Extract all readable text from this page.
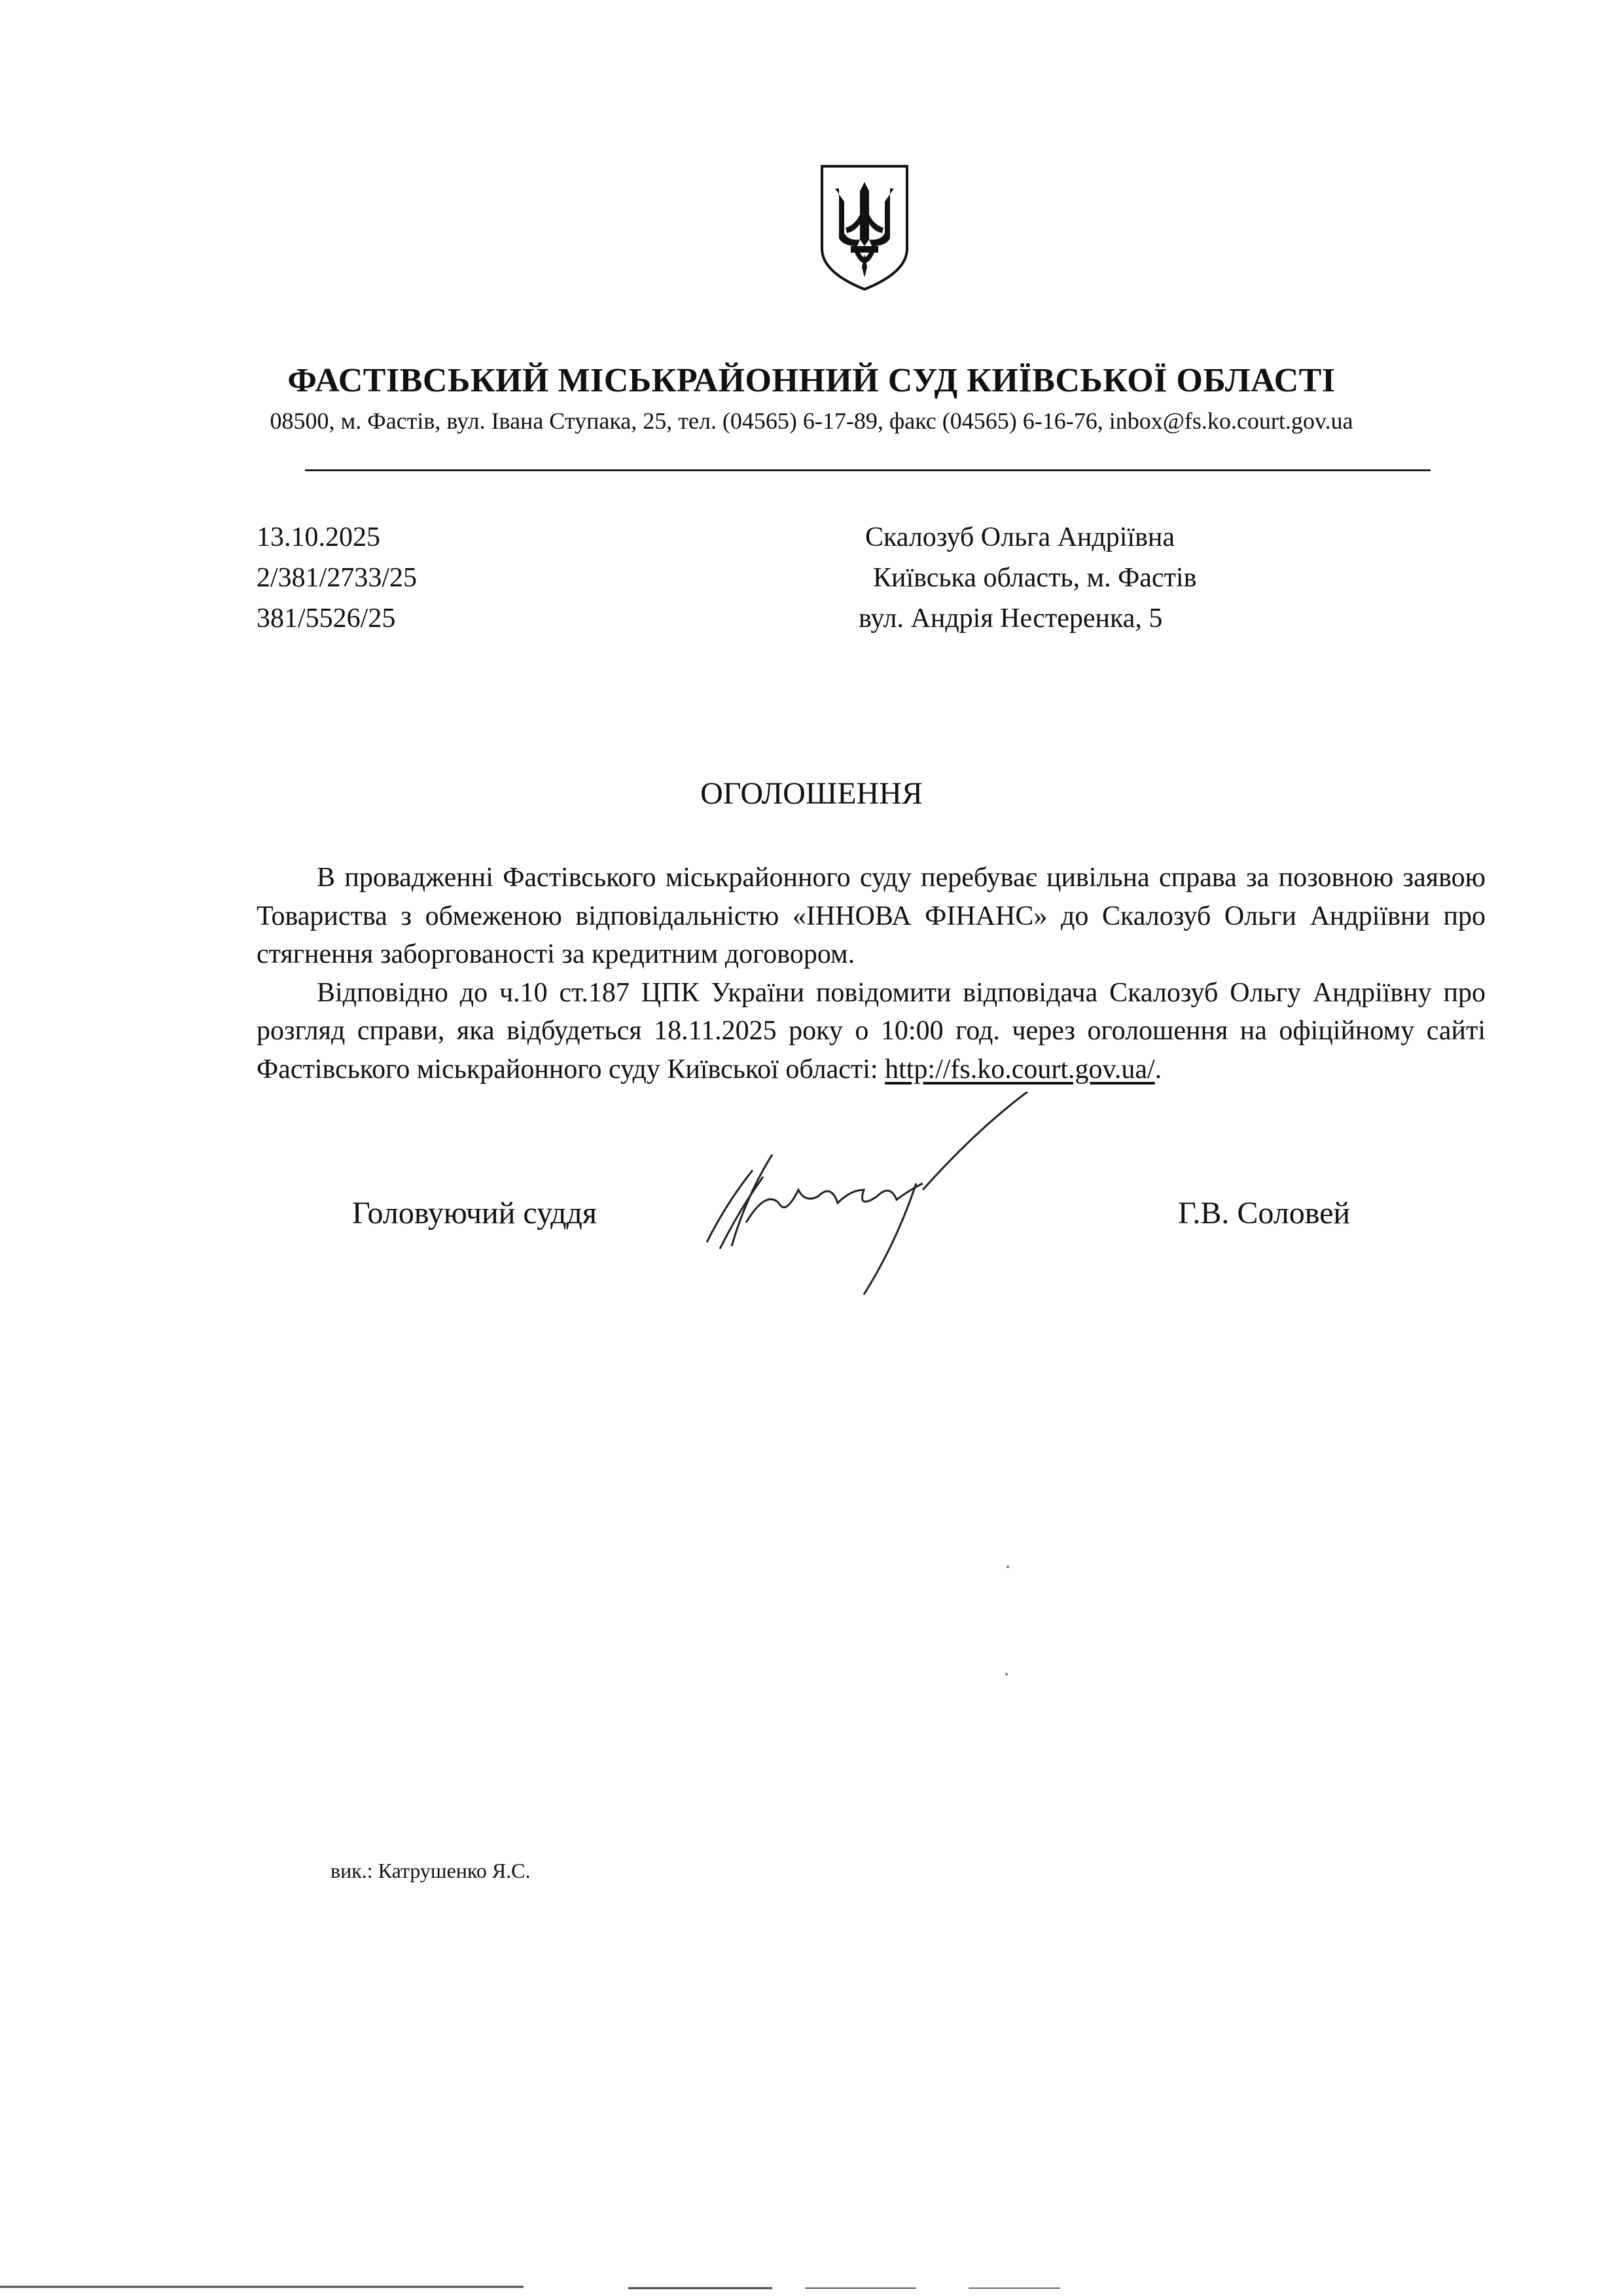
ФАСТІВСЬКИЙ МІСЬКРАЙОННИЙ СУД КИЇВСЬКОЇ ОБЛАСТІ
08500, м. Фастів, вул. Івана Ступака, 25, тел. (04565) 6-17-89, факс (04565) 6-16-76, inbox@fs.ko.court.gov.ua
13.10.2025
2/381/2733/25
381/5526/25
Скалозуб Ольга Андріївна
Київська область, м. Фастів
вул. Андрія Нестеренка, 5
ОГОЛОШЕННЯ

В провадженні Фастівського міськрайонного суду перебуває цивільна справа за позовною заявою Товариства з обмеженою відповідальністю «ІННОВА ФІНАНС» до Скалозуб Ольги Андріївни про стягнення заборгованості за кредитним договором.

Відповідно до ч.10 ст.187 ЦПК України повідомити відповідача Скалозуб Ольгу Андріївну про розгляд справи, яка відбудеться 18.11.2025 року о 10:00 год. через оголошення на офіційному сайті Фастівського міськрайонного суду Київської області: http://fs.ko.court.gov.ua/.

Головуючий суддя	Г.В. Соловей
вик.: Катрушенко Я.С.
